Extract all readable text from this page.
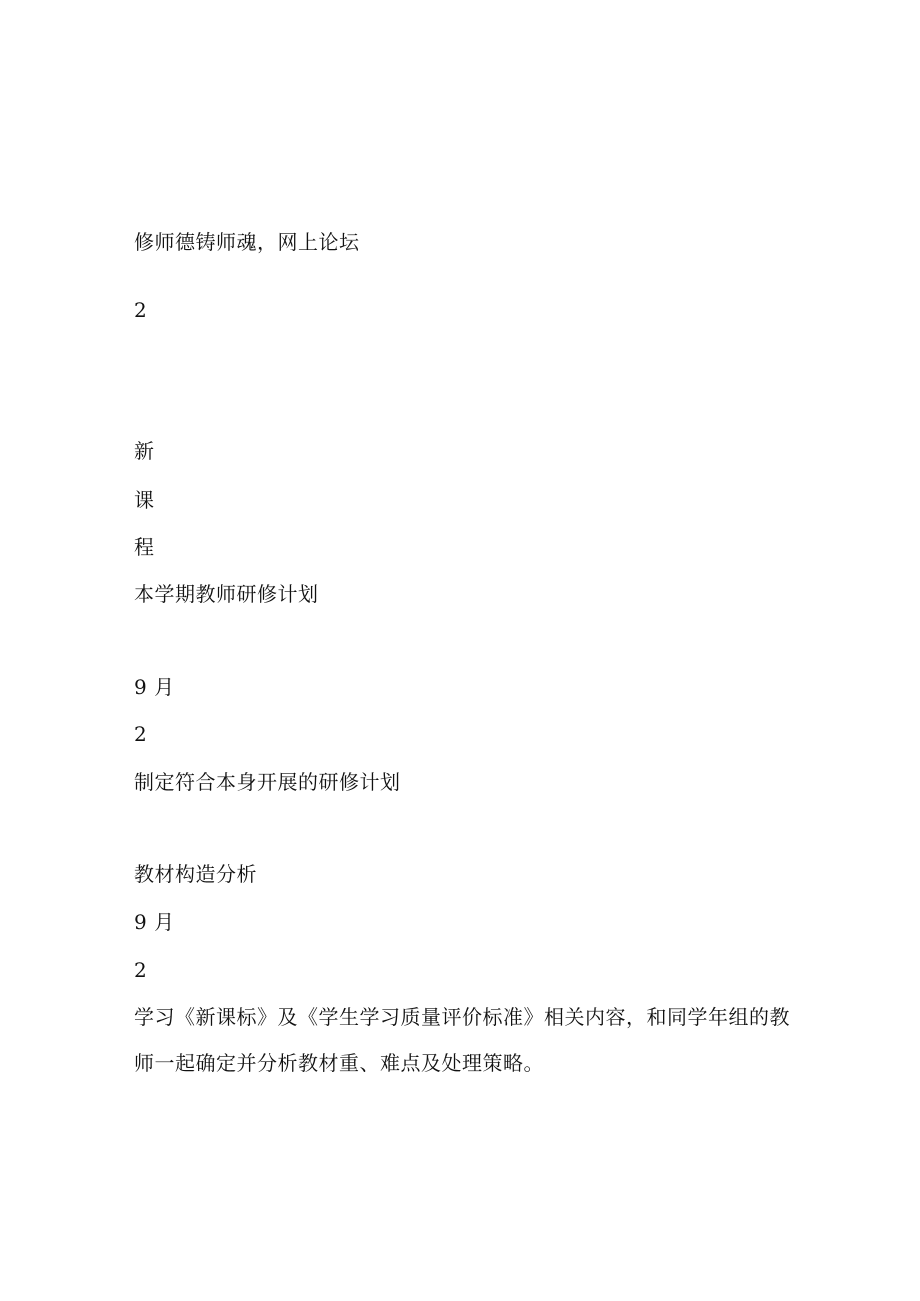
修师德铸师魂，网上论坛
2
新
课
程
本学期教师研修计划
9 月
2
制定符合本身开展的研修计划
教材构造分析
9 月
2
学习《新课标》及《学生学习质量评价标准》相关内容，和同学年组的教
师一起确定并分析教材重、难点及处理策略。
